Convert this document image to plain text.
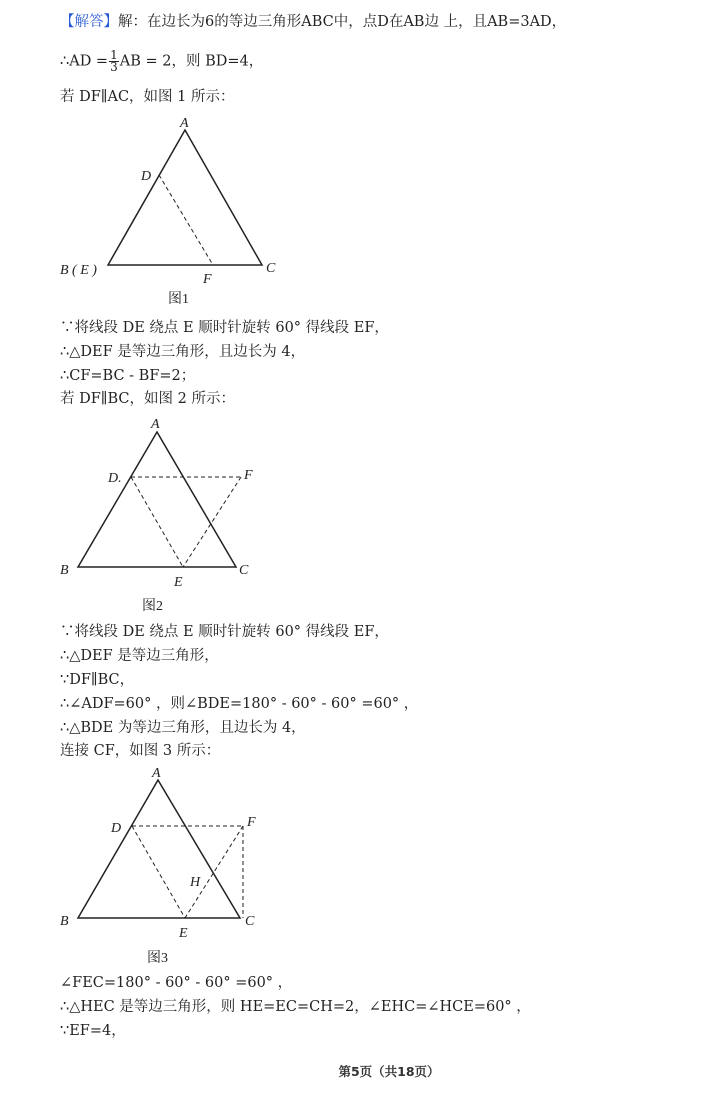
【解答】解：在边长为6的等边三角形ABC中，点D在AB边 上，且AB=3AD，
∴AD = $\frac{1}{3}$ AB = 2，则 BD=4，
若 DF∥AC，如图 1 所示：
∵将线段 DE 绕点 E 顺时针旋转 60° 得线段 EF，
∴△DEF 是等边三角形，且边长为 4，
∴CF=BC - BF=2；
若 DF∥BC，如图 2 所示：
∵将线段 DE 绕点 E 顺时针旋转 60° 得线段 EF，
∴△DEF 是等边三角形，
∵DF∥BC，
∴∠ADF=60° ，则∠BDE=180° - 60° - 60° =60° ，
∴△BDE 为等边三角形，且边长为 4，
连接 CF，如图 3 所示：
∠FEC=180° - 60° - 60° =60° ，
∴△HEC 是等边三角形，则 HE=EC=CH=2，∠EHC=∠HCE=60° ，
∵EF=4，
A
D
B ( E )
F
C
图1
A
D.	F
B
E
C
图2
A
D	F
H
B
E
C
图3
第5页（共18页）
